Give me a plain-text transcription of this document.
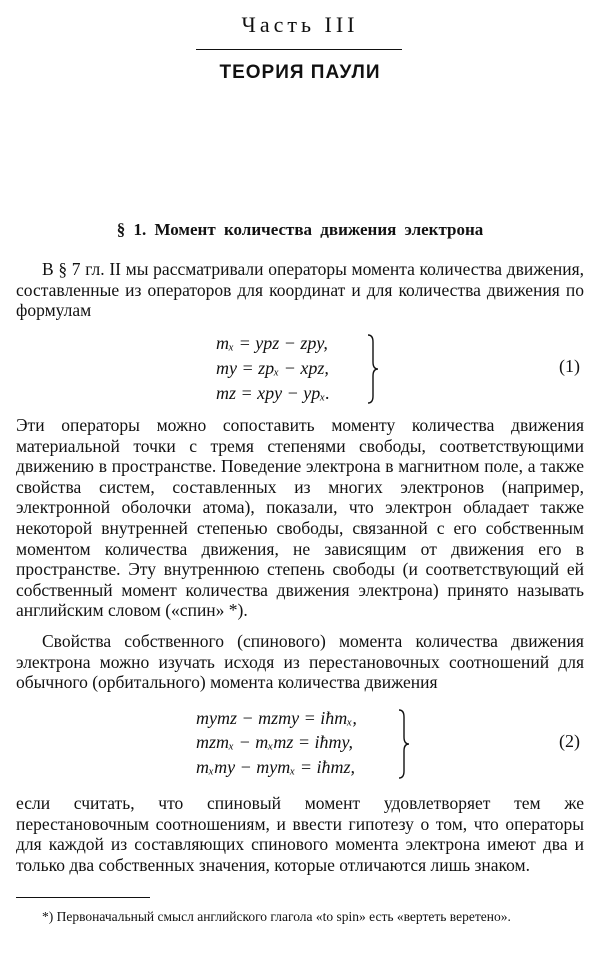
Часть III
ТЕОРИЯ ПАУЛИ
§ 1. Момент количества движения электрона

В § 7 гл. II мы рассматривали операторы момента количества движения, составленные из операторов для координат и для количества движения по формулам

mₓ = ypz − zpy,
my = zpₓ − xpz,
mz = xpy − ypₓ.
(1)

Эти операторы можно сопоставить моменту количества движения материальной точки с тремя степенями свободы, соответствующими движению в пространстве. Поведение электрона в магнитном поле, а также свойства систем, составленных из многих электронов (например, электронной оболочки атома), показали, что электрон обладает также некоторой внутренней степенью свободы, связанной с его собственным моментом количества движения, не зависящим от движения его в пространстве. Эту внутреннюю степень свободы (и соответствующий ей собственный момент количества движения электрона) принято называть английским словом («спин» *).

Свойства собственного (спинового) момента количества движения электрона можно изучать исходя из перестановочных соотношений для обычного (орбитального) момента количества движения

mymz − mzmy = iħmₓ,
mzmₓ − mₓmz = iħmy,
mₓmy − mymₓ = iħmz,
(2)

если считать, что спиновый момент удовлетворяет тем же перестановочным соотношениям, и ввести гипотезу о том, что операторы для каждой из составляющих спинового момента электрона имеют два и только два собственных значения, которые отличаются лишь знаком.

*) Первоначальный смысл английского глагола «to spin» есть «вертеть веретено».
